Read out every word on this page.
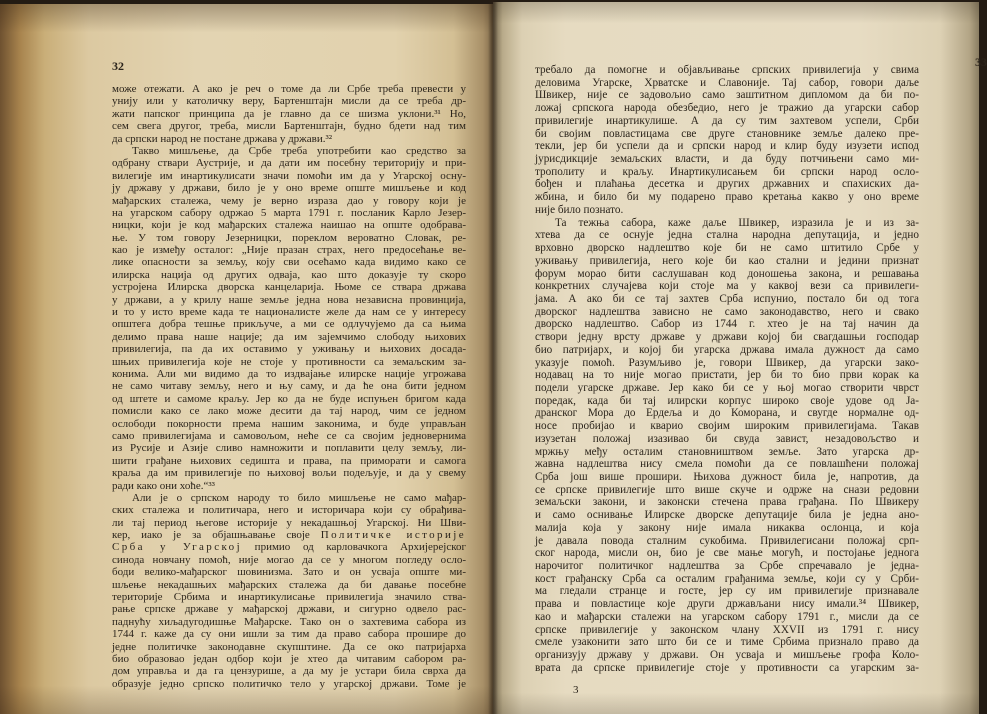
32
може отежати. А ако је реч о томе да ли Србе треба превести у
унију или у католичку веру, Бартенштајн мисли да се треба др-
жати папског принципа да је главно да се шизма уклони.³¹ Но,
сем свега другог, треба, мисли Бартенштајн, будно бдети над тим
да српски народ не постане држава у држави.³²
Такво мишљење, да Србе треба употребити као средство за
одбрану ствари Аустрије, и да дати им посебну територију и при-
вилегије им инартикулисати значи помоћи им да у Угарској осну-
ју државу у држави, било је у оно време опште мишљење и код
мађарских сталежа, чему је верно израза дао у говору који је
на угарском сабору одржао 5 марта 1791 г. посланик Карло Језер-
ницки, који је код мађарских сталежа наишао на опште одобрава-
ње. У том говору Језерницки, пореклом вероватно Словак, ре-
као је између осталог: „Није празан страх, него предосећање ве-
лике опасности за земљу, коју сви осећамо када видимо како се
илирска нација од других одваја, као што доказује ту скоро
устројена Илирска дворска канцеларија. Њоме се ствара држава
у држави, а у крилу наше земље једна нова независна провинција,
и то у исто време када те националисте желе да нам се у интересу
општега добра тешње прикључе, а ми се одлучујемо да са њима
делимо права наше нације; да им зајемчимо слободу њихових
привилегија, па да их оставимо у уживању и њихових досада-
шњих привилегија које не стоје у противности са земаљским за-
конима. Али ми видимо да то издвајање илирске нације угрожава
не само читаву земљу, него и њу саму, и да ће она бити једном
од штете и самоме краљу. Јер ко да не буде испуњен бригом када
помисли како се лако може десити да тај народ, чим се једном
ослободи покорности према нашим законима, и буде управљан
само привилегијама и самовољом, неће се са својим једновернима
из Русије и Азије сливо намножити и поплавити целу земљу, ли-
шити грађане њихових седишта и права, па приморати и самога
краља да им привилегије по њиховој вољи подељује, и да у свему
ради како они хоће.“³³
Али је о српском народу то било мишљење не само мађар-
ских сталежа и политичара, него и историчара који су обрађива-
ли тај период његове историје у некадашњој Угарској. Ни Шви-
кер, иако је за објашњавање своје Политичке историје
Срба у Угарској примио од карловачкога Архијерејског
синода новчану помоћ, није могао да се у многом погледу осло-
боди велико-мађарског шовинизма. Зато и он усваја опште ми-
шљење некадашњих мађарских сталежа да би давање посебне
територије Србима и инартикулисање привилегија значило ства-
рање српске државе у мађарској држави, и сигурно одвело рас-
паднућу хиљадугодишње Мађарске. Тако он о захтевима сабора из
1744 г. каже да су они ишли за тим да право сабора прошире до
једне политичке законодавне скупштине. Да се око патријарха
био образовао један одбор који је хтео да читавим сабором ра-
дом управља и да га цензурише, а да му је устари била сврха да
образује једно српско политичко тело у угарској држави. Томе је
33
требало да помогне и објављивање српских привилегија у свима
деловима Угарске, Хрватске и Славоније. Тај сабор, говори даље
Швикер, није се задовољио само заштитном дипломом да би по-
ложај српскога народа обезбедио, него је тражио да угарски сабор
привилегије инартикулише. А да су тим захтевом успели, Срби
би својим повластицама све друге становнике земље далеко пре-
текли, јер би успели да и српски народ и клир буду изузети испод
јурисдикције земаљских власти, и да буду потчињени само ми-
трополиту и краљу. Инартикулисањем би српски народ осло-
бођен и плаћања десетка и других државних и спахиских да-
жбина, и било би му подарено право кретања какво у оно време
није било познато.
Та тежња сабора, каже даље Швикер, изразила је и из за-
хтева да се оснује једна стална народна депутација, и једно
врховно дворско надлештво које би не само штитило Србе у
уживању привилегија, него које би као стални и једини признат
форум морао бити саслушаван код доношења закона, и решавања
конкретних случајева који стоје ма у каквој вези са привилеги-
јама. А ако би се тај захтев Срба испунио, постало би од тога
дворског надлештва зависно не само законодавство, него и свако
дворско надлештво. Сабор из 1744 г. хтео је на тај начин да
створи једну врсту државе у држави којој би свагдашњи господар
био патријарх, и којој би угарска држава имала дужност да само
указује помоћ. Разумљиво је, говори Швикер, да угарски зако-
нодавац на то није могао пристати, јер би то био први корак ка
подели угарске државе. Јер како би се у њој могао створити чврст
поредак, када би тај илирски корпус широко своје удове од Ја-
дранског Мора до Ердеља и до Коморана, и свугде нормалне од-
носе пробијао и кварио својим широким привилегијама. Такав
изузетан положај изазивао би свуда завист, незадовољство и
мржњу међу осталим становништвом земље. Зато угарска др-
жавна надлештва нису смела помоћи да се повлашћени положај
Срба још више прошири. Њихова дужност била је, напротив, да
се српске привилегије што више скуче и одрже на снази редовни
земаљски закони, и законски стечена права грађана. По Швикеру
и само оснивање Илирске дворске депутације била је једна ано-
малија која у закону није имала никаква ослонца, и која
је давала повода сталним сукобима. Привилегисани положај срп-
ског народа, мисли он, био је све мање могућ, и постојање једнога
нарочитог политичког надлештва за Србе спречавало је једна-
кост грађанску Срба са осталим грађанима земље, који су у Срби-
ма гледали странце и госте, јер су им привилегије признавале
права и повластице које други држављани нису имали.³⁴ Швикер,
као и мађарски сталежи на угарском сабору 1791 г., мисли да се
српске привилегије у законском члану XXVII из 1791 г. нису
смеле узаконити зато што би се и тиме Србима признало право да
организују државу у држави. Он усваја и мишљење грофа Коло-
врата да српске привилегије стоје у противности са угарским за-
3
